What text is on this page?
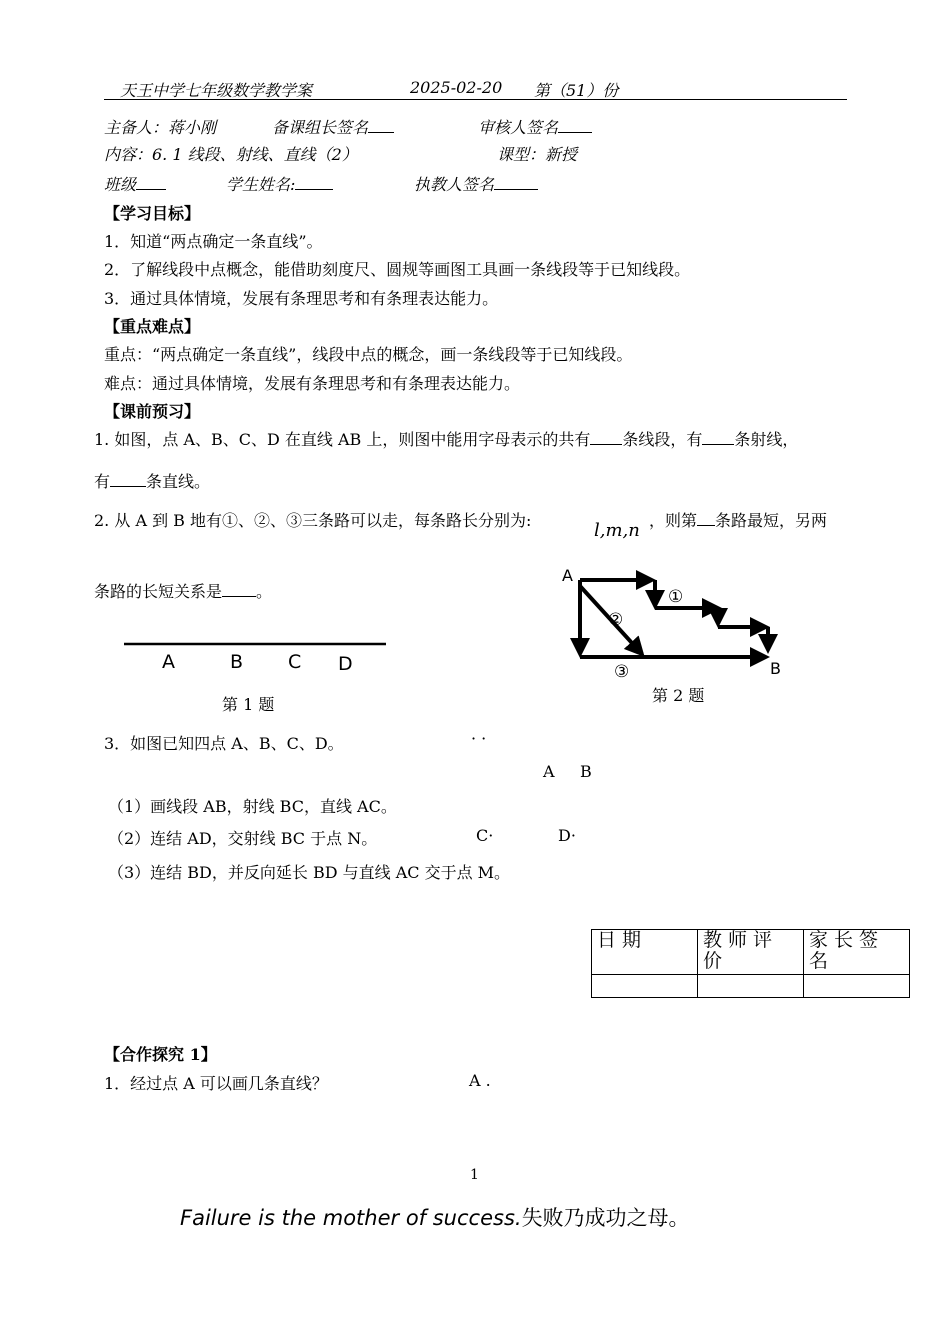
天王中学七年级数学教学案	2025-02-20 第（51）份
主备人：蒋小刚	备课组长签名	审核人签名
内容：6. 1 线段、射线、直线（2）	课型：新授
班级	学生姓名:	执教人签名
【学习目标】
1．知道“两点确定一条直线”。
2．了解线段中点概念，能借助刻度尺、圆规等画图工具画一条线段等于已知线段。
3．通过具体情境，发展有条理思考和有条理表达能力。
【重点难点】
重点：“两点确定一条直线”，线段中点的概念，画一条线段等于已知线段。
难点：通过具体情境，发展有条理思考和有条理表达能力。
【课前预习】
1. 如图，点 A、B、C、D 在直线 AB 上，则图中能用字母表示的共有 条线段，有 条射线，
有 条直线。
2. 从 A 到 B 地有①、②、③三条路可以走，每条路长分别为:	l,m,n ，则第 条路最短，另两
条路的长短关系是 。
A	B C D
第 1 题
A
B
①
②
③
第 2 题
3．如图已知四点 A、B、C、D。	· ·
A     B
（1）画线段 AB，射线 BC，直线 AC。
（2）连结 AD，交射线 BC 于点 N。	C·	D·
（3）连结 BD，并反向延长 BD 与直线 AC 交于点 M。
日期	教师评价	家长签名

【合作探究 1】
1．经过点 A 可以画几条直线？	A .
1
Failure is the mother of success.失败乃成功之母。
